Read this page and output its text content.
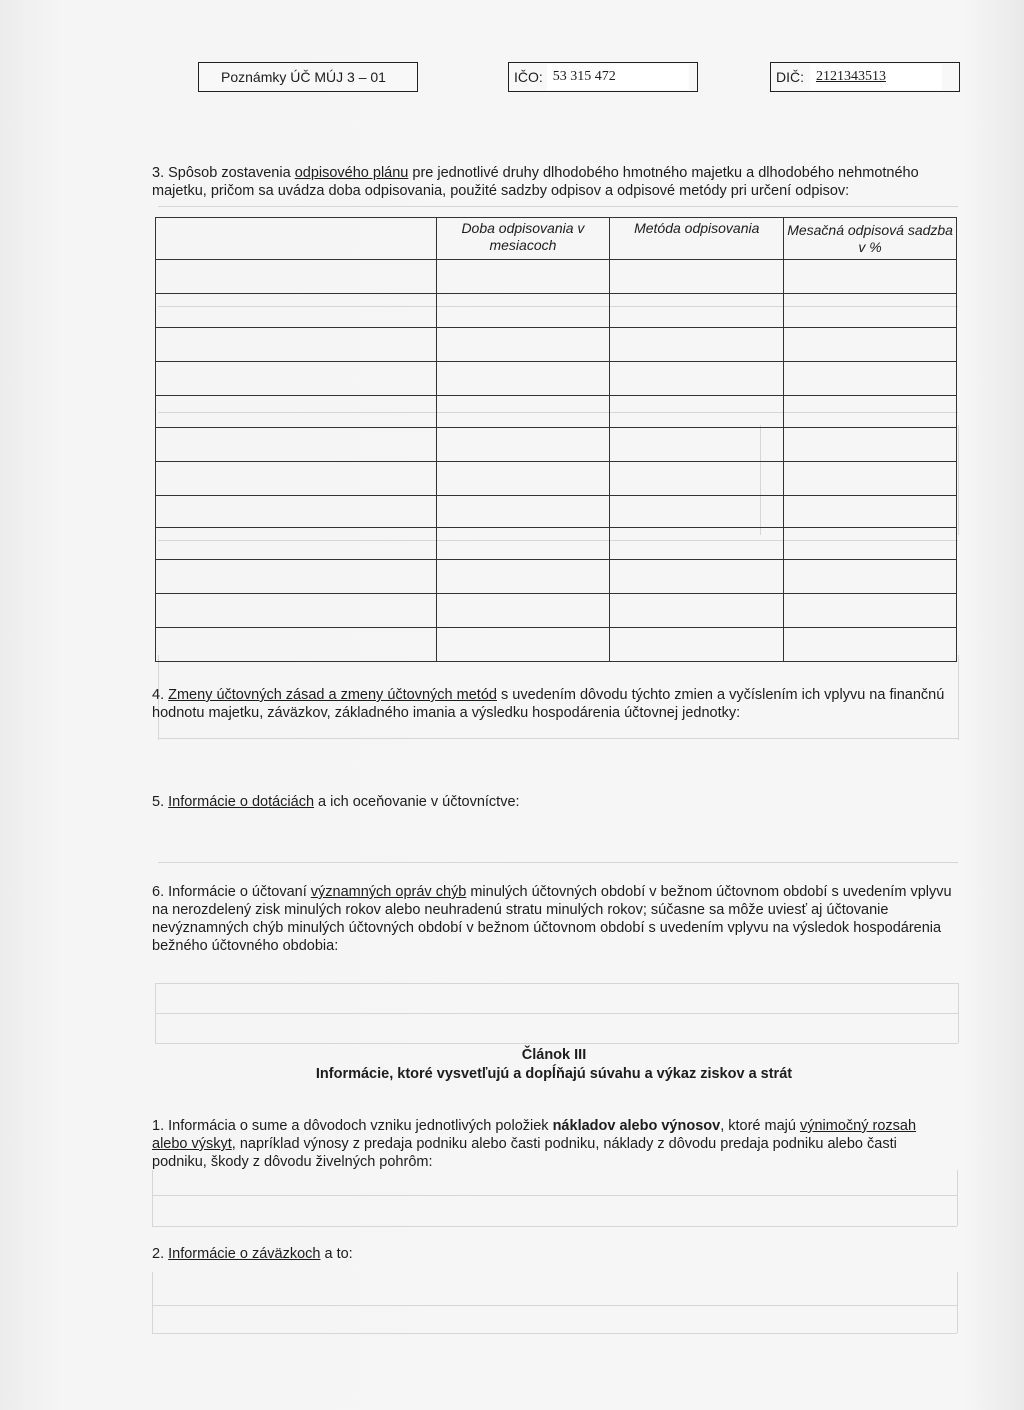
Poznámky ÚČ MÚJ 3 – 01	IČO: 53 315 472	DIČ: 2121343513
3. Spôsob zostavenia odpisového plánu pre jednotlivé druhy dlhodobého hmotného majetku a dlhodobého nehmotného majetku, pričom sa uvádza doba odpisovania, použité sadzby odpisov a odpisové metódy pri určení odpisov:
	Doba odpisovania v mesiacoch	Metóda odpisovania	Mesačná odpisová sadzba v %

4. Zmeny účtovných zásad a zmeny účtovných metód s uvedením dôvodu týchto zmien a vyčíslením ich vplyvu na finančnú hodnotu majetku, záväzkov, základného imania a výsledku hospodárenia účtovnej jednotky:
5. Informácie o dotáciách a ich oceňovanie v účtovníctve:
6. Informácie o účtovaní významných opráv chýb minulých účtovných období v bežnom účtovnom období s uvedením vplyvu na nerozdelený zisk minulých rokov alebo neuhradenú stratu minulých rokov; súčasne sa môže uviesť aj účtovanie nevýznamných chýb minulých účtovných období v bežnom účtovnom období s uvedením vplyvu na výsledok hospodárenia bežného účtovného obdobia:
Článok III
Informácie, ktoré vysvetľujú a dopĺňajú súvahu a výkaz ziskov a strát
1. Informácia o sume a dôvodoch vzniku jednotlivých položiek nákladov alebo výnosov, ktoré majú výnimočný rozsah alebo výskyt, napríklad výnosy z predaja podniku alebo časti podniku, náklady z dôvodu predaja podniku alebo časti podniku, škody z dôvodu živelných pohrôm:
2. Informácie o záväzkoch a to:
